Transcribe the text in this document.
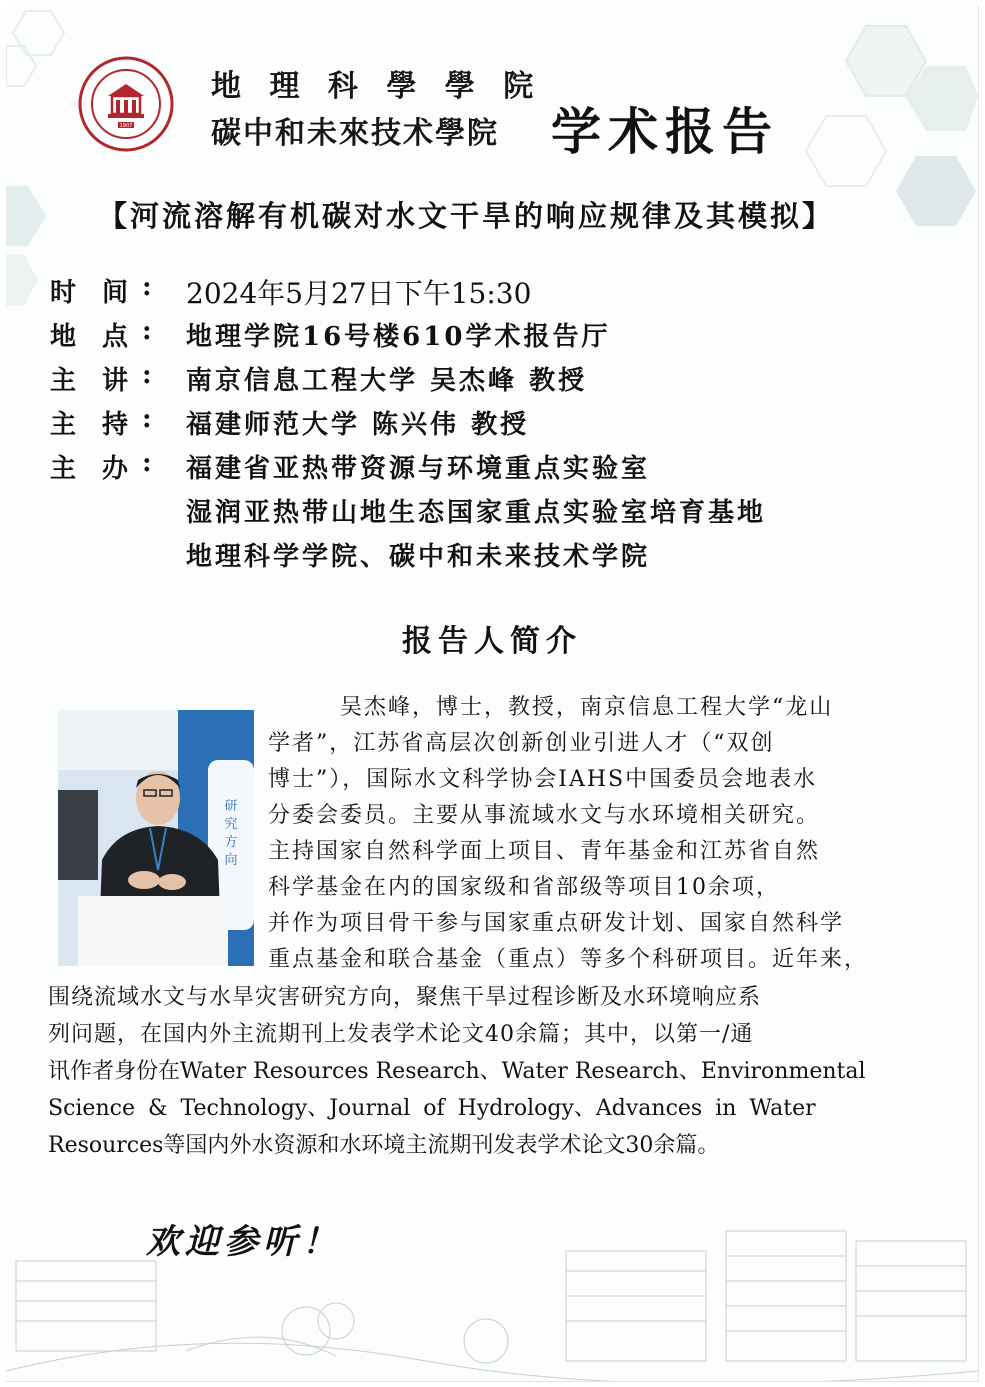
1907
地 理 科 學 學 院
碳中和未來技术學院 学术报告
【河流溶解有机碳对水文干旱的响应规律及其模拟】
时　间 : 2024年5月27日下午15:30
地　点 : 地理学院16号楼610学术报告厅
主　讲 : 南京信息工程大学 吴杰峰 教授
主　持 : 福建师范大学 陈兴伟 教授
主　办 : 福建省亚热带资源与环境重点实验室
湿润亚热带山地生态国家重点实验室培育基地
地理科学学院、碳中和未来技术学院
报告人简介
研
究
方
向
吴杰峰，博士，教授，南京信息工程大学“龙山
学者”，江苏省高层次创新创业引进人才（“双创
博士”），国际水文科学协会IAHS中国委员会地表水
分委会委员。主要从事流域水文与水环境相关研究。
主持国家自然科学面上项目、青年基金和江苏省自然
科学基金在内的国家级和省部级等项目10余项，
并作为项目骨干参与国家重点研发计划、国家自然科学
重点基金和联合基金（重点）等多个科研项目。近年来，
围绕流域水文与水旱灾害研究方向，聚焦干旱过程诊断及水环境响应系
列问题，在国内外主流期刊上发表学术论文40余篇；其中，以第一/通
讯作者身份在Water Resources Research、Water Research、Environmental
Science & Technology、Journal of Hydrology、Advances in Water
Resources等国内外水资源和水环境主流期刊发表学术论文30余篇。
欢迎参听！
